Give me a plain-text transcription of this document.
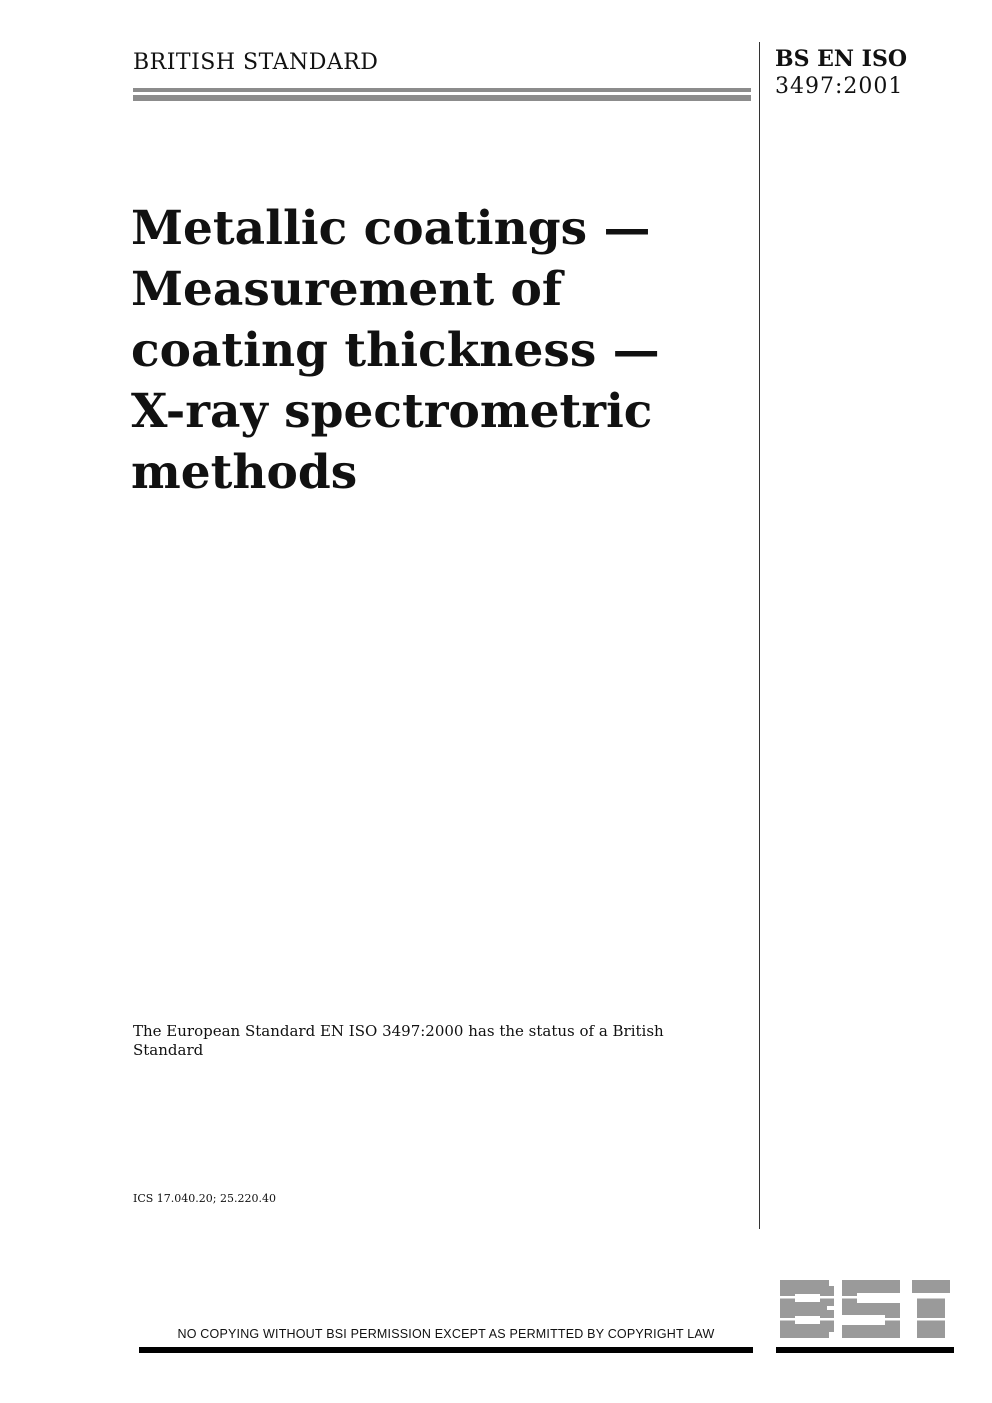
BRITISH STANDARD	BS EN ISO
3497:2001
Metallic coatings —
Measurement of
coating thickness —
X-ray spectrometric
methods
The European Standard EN ISO 3497:2000 has the status of a British Standard
ICS 17.040.20; 25.220.40
NO COPYING WITHOUT BSI PERMISSION EXCEPT AS PERMITTED BY COPYRIGHT LAW
